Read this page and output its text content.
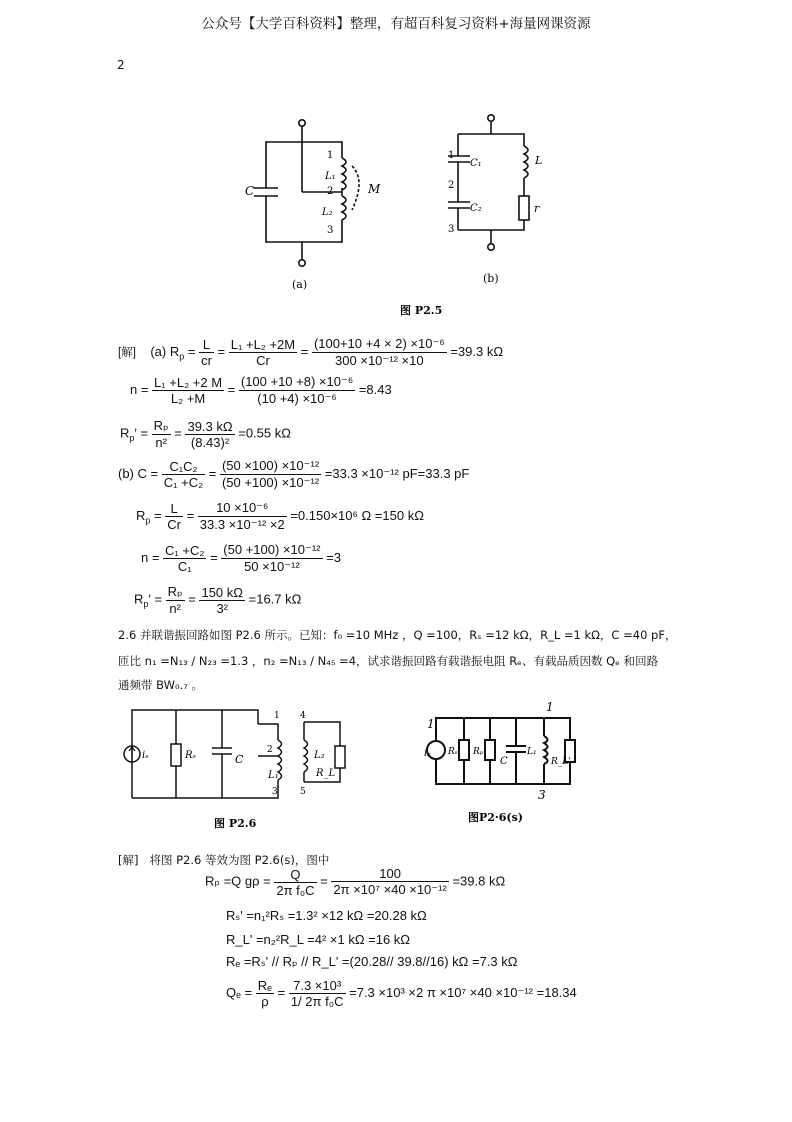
公众号【大学百科资料】整理，有超百科复习资料+海量网课资源
2
C
1
L₁
2
L₂
3
M
(a)
1
C₁
2
C₂
3
L
r
(b)
图 P2.5
[解] (a) $R_p = \frac{L}{cr} = \frac{\text{L₁ +L₂ +2M}}{Cr} = \frac{\text{(100+10 +4 × 2) ×10⁻⁶}}{\text{300 ×10⁻¹² ×10}} =39.3$ kΩ
$n = \frac{\text{L₁ +L₂ +2 M}}{\text{L₂ +M}} = \frac{\text{(100 +10 +8) ×10⁻⁶}}{\text{(10 +4) ×10⁻⁶}} =8.43$
$R_p' = \frac{\text{Rₚ}}{\text{n²}} = \frac{39.3 k\Omega}{\text{(8.43)²}} =0.55$ kΩ
(b) $C = \frac{\text{C₁C₂}}{\text{C₁ +C₂}} = \frac{\text{(50 ×100) ×10⁻¹²}}{\text{(50 +100) ×10⁻¹²}} =33.3 \times 10^{-12}$ pF=33.3 pF
$R_p = \frac{L}{Cr} = \frac{\text{10 ×10⁻⁶}}{\text{33.3 ×10⁻¹² ×2}} =0.150\times 10^6$ Ω =150 kΩ
$n = \frac{\text{C₁ +C₂}}{\text{C₁}} = \frac{\text{(50 +100) ×10⁻¹²}}{\text{50 ×10⁻¹²}} =3$
$R_p' = \frac{\text{Rₚ}}{\text{n²}} = \frac{150 k\Omega}{\text{3²}} =16.7$ kΩ
2.6 并联谐振回路如图 P2.6 所示。已知：f₀ =10 MHz ，Q =100，Rₛ =12 kΩ，R_L =1 kΩ，C =40 pF，
匝比 n₁ =N₁₃ / N₂₃ =1.3 ，n₂ =N₁₃ / N₄₅ =4，试求谐振回路有载谐振电阻 Rₑ、有载品质因数 Qₑ 和回路
通频带 BW₀.₇ 。
iₛ	Rₛ	C
L₁
L₂
R_L
1
2
3
4
5
图 P2.6
iₛ Rₛ' Rₚ
C
L₁
R_L'
1
1
3
图P2·6(s)
[解] 将图 P2.6 等效为图 P2.6(s)，图中
Rₚ =Q $g\rho = \frac{Q}{\text{2π f₀C}} = \frac{100}{\text{2π ×10⁷ ×40 ×10⁻¹²}} =39.8$ kΩ
Rₛ' =n₁²Rₛ =1.3² ×12 kΩ =20.28 kΩ
R_L' =n₂²R_L =4² ×1 kΩ =16 kΩ
Rₑ =Rₛ' // Rₚ // R_L' =(20.28// 39.8//16) kΩ =7.3 kΩ
$Q_e = \frac{\text{Rₑ}}{\rho} = \frac{\text{7.3 ×10³}}{\text{1/ 2π f₀C}} =7.3 \times 10^3 \times 2$ π ×10⁷ ×40 ×10⁻¹² =18.34
